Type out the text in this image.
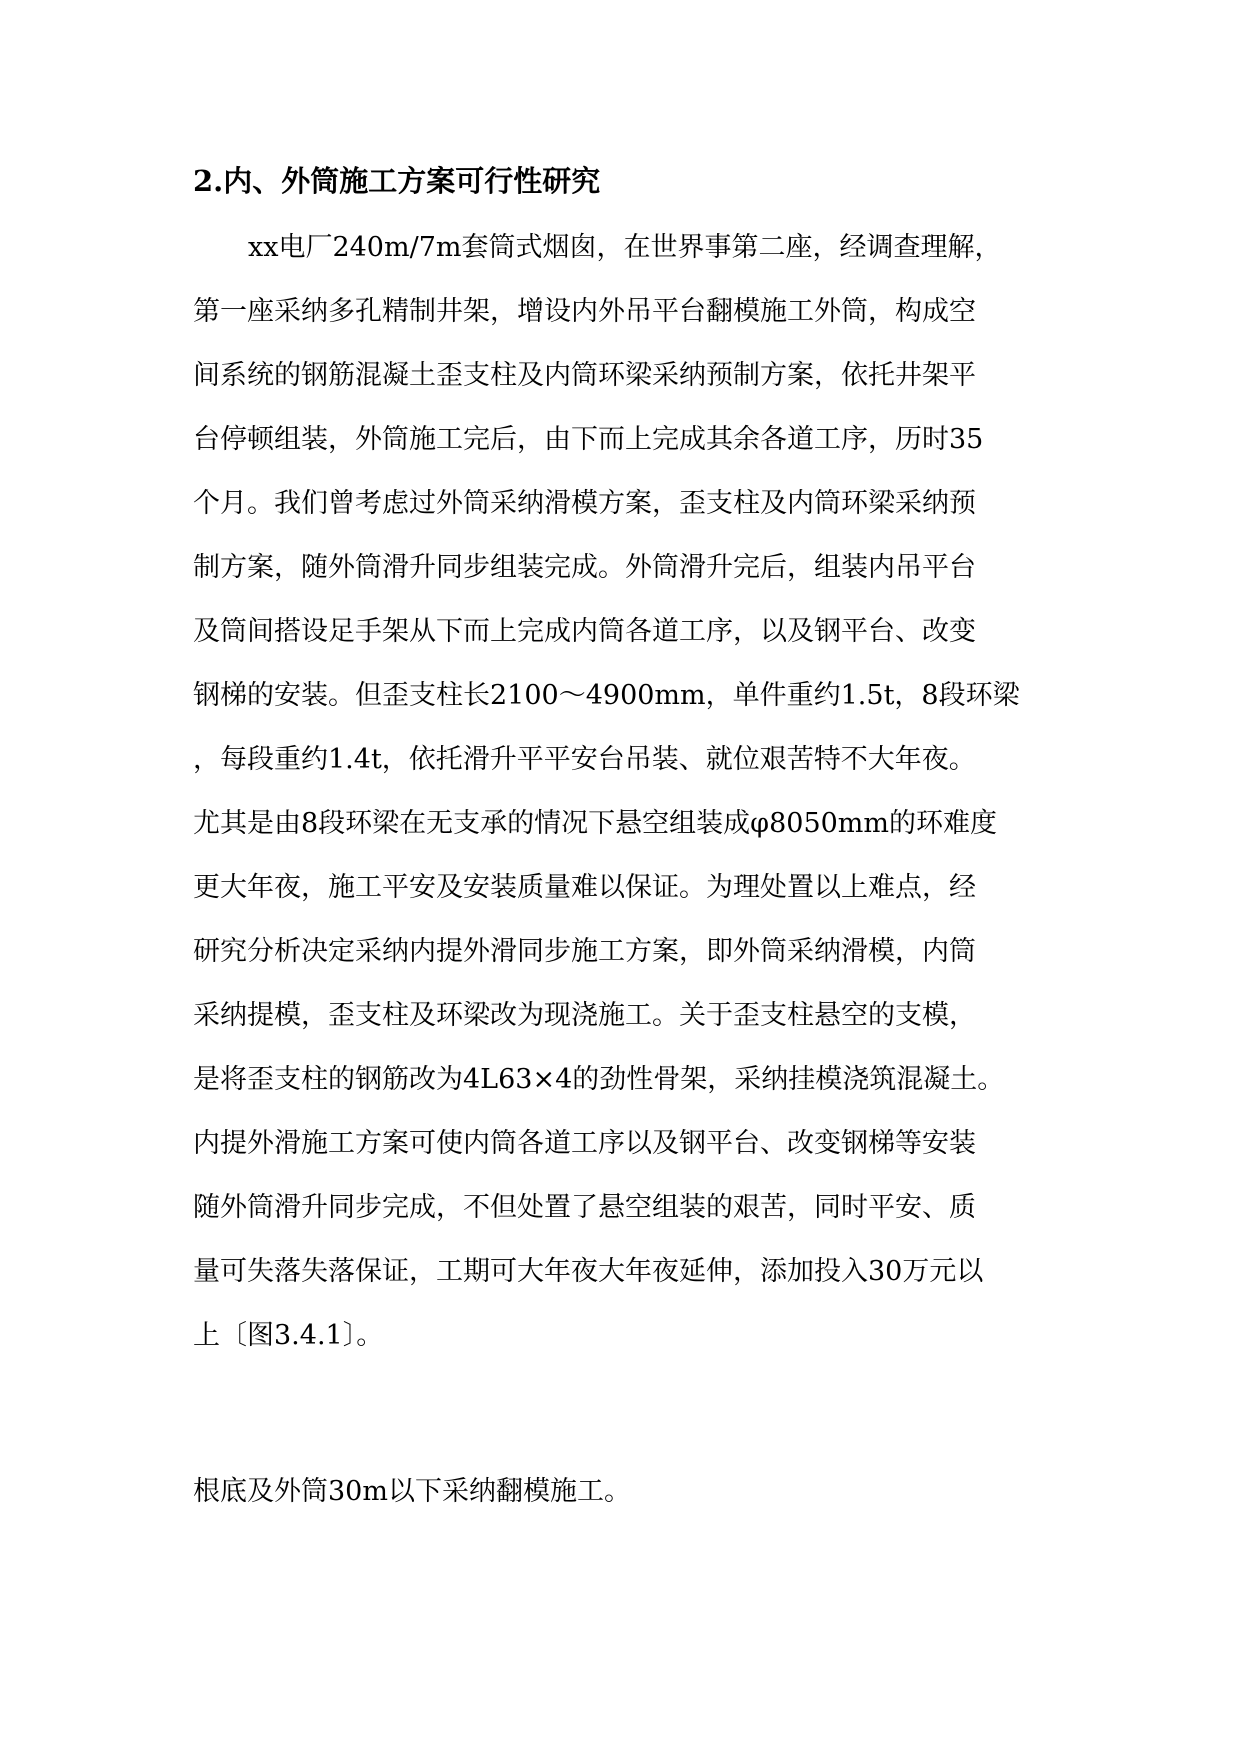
2.内、外筒施工方案可行性研究
xx电厂240m/7m套筒式烟囱，在世界事第二座，经调查理解，
第一座采纳多孔精制井架，增设内外吊平台翻模施工外筒，构成空
间系统的钢筋混凝土歪支柱及内筒环梁采纳预制方案，依托井架平
台停顿组装，外筒施工完后，由下而上完成其余各道工序，历时35
个月。我们曾考虑过外筒采纳滑模方案，歪支柱及内筒环梁采纳预
制方案，随外筒滑升同步组装完成。外筒滑升完后，组装内吊平台
及筒间搭设足手架从下而上完成内筒各道工序，以及钢平台、改变
钢梯的安装。但歪支柱长2100～4900mm，单件重约1.5t，8段环梁
，每段重约1.4t，依托滑升平平安台吊装、就位艰苦特不大年夜。
尤其是由8段环梁在无支承的情况下悬空组装成φ8050mm的环难度
更大年夜，施工平安及安装质量难以保证。为理处置以上难点，经
研究分析决定采纳内提外滑同步施工方案，即外筒采纳滑模，内筒
采纳提模，歪支柱及环梁改为现浇施工。关于歪支柱悬空的支模，
是将歪支柱的钢筋改为4L63×4的劲性骨架，采纳挂模浇筑混凝土。
内提外滑施工方案可使内筒各道工序以及钢平台、改变钢梯等安装
随外筒滑升同步完成，不但处置了悬空组装的艰苦，同时平安、质
量可失落失落保证，工期可大年夜大年夜延伸，添加投入30万元以
上〔图3.4.1〕。
根底及外筒30m以下采纳翻模施工。
